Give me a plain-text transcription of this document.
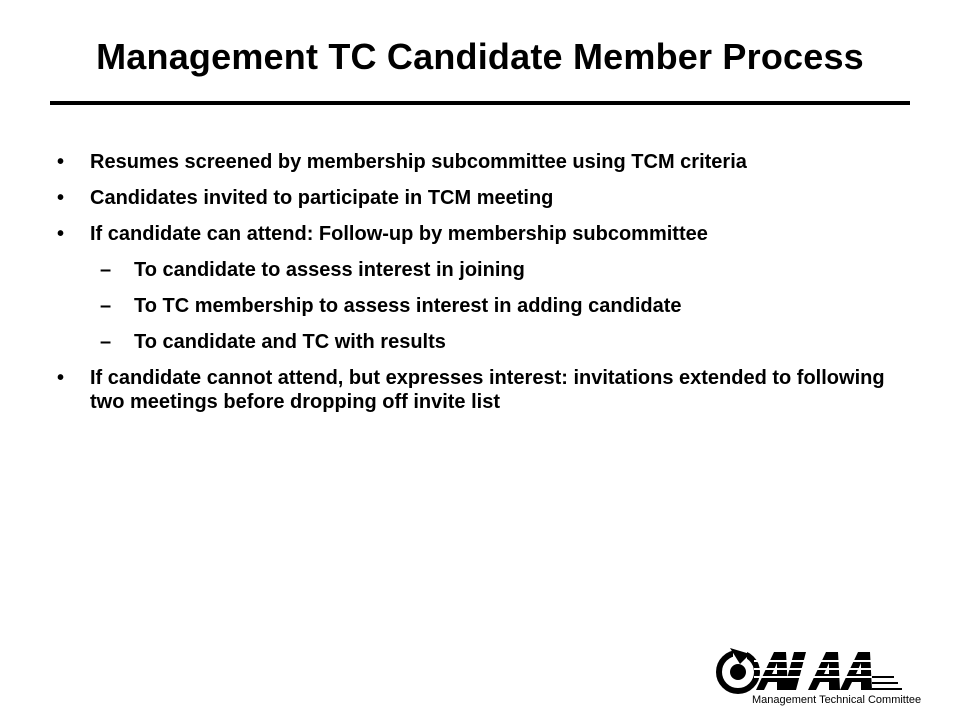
Management TC Candidate Member Process
• Resumes screened by membership subcommittee using TCM criteria
• Candidates invited to participate in TCM meeting
• If candidate can attend: Follow-up by membership subcommittee
– To candidate to assess interest in joining
– To TC membership to assess interest in adding candidate
– To candidate and TC with results
• If candidate cannot attend, but expresses interest: invitations extended to following two meetings before dropping off invite list
Management Technical Committee
